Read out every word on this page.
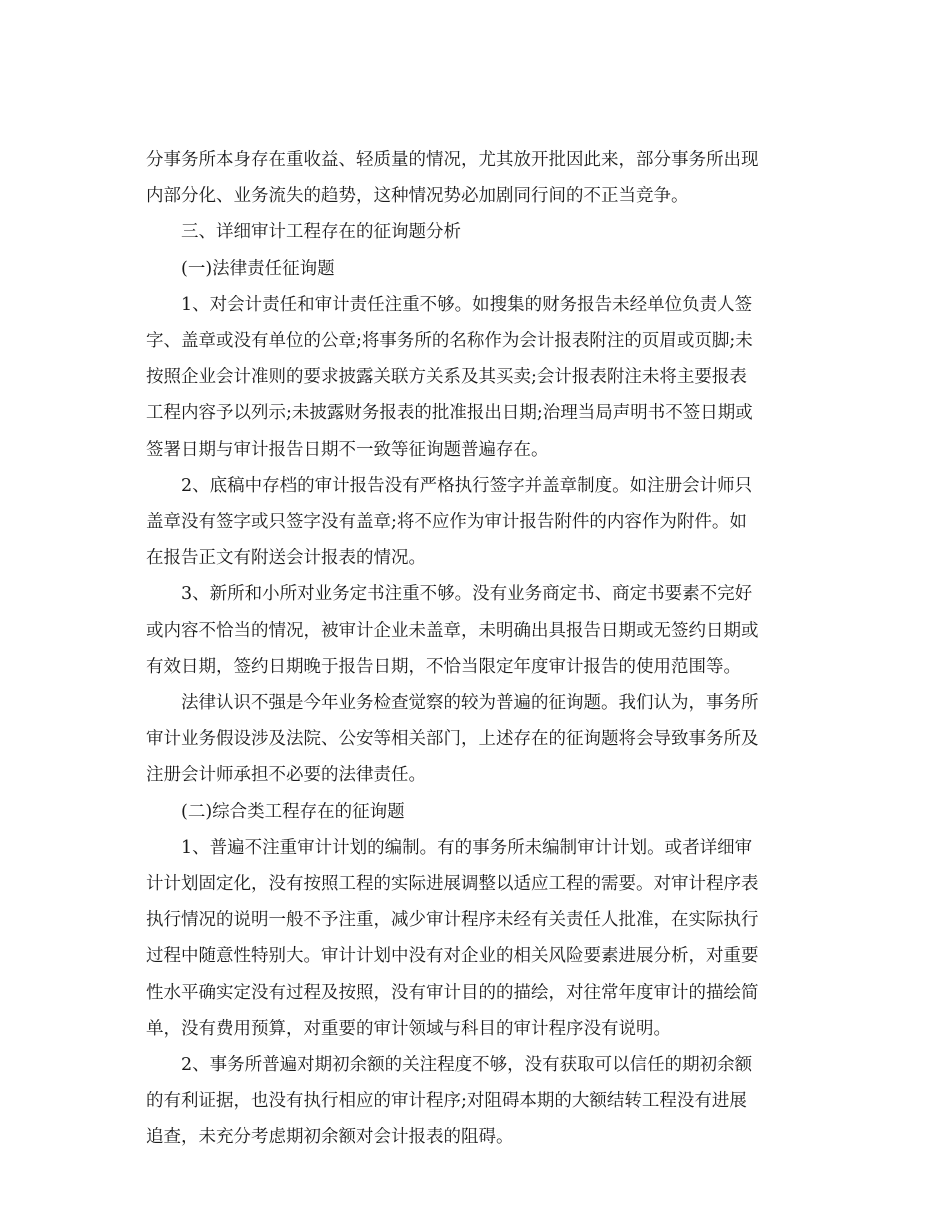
分事务所本身存在重收益、轻质量的情况，尤其放开批因此来，部分事务所出现
内部分化、业务流失的趋势，这种情况势必加剧同行间的不正当竞争。

三、详细审计工程存在的征询题分析

(一)法律责任征询题

1、对会计责任和审计责任注重不够。如搜集的财务报告未经单位负责人签
字、盖章或没有单位的公章;将事务所的名称作为会计报表附注的页眉或页脚;未
按照企业会计准则的要求披露关联方关系及其买卖;会计报表附注未将主要报表
工程内容予以列示;未披露财务报表的批准报出日期;治理当局声明书不签日期或
签署日期与审计报告日期不一致等征询题普遍存在。

2、底稿中存档的审计报告没有严格执行签字并盖章制度。如注册会计师只
盖章没有签字或只签字没有盖章;将不应作为审计报告附件的内容作为附件。如
在报告正文有附送会计报表的情况。

3、新所和小所对业务定书注重不够。没有业务商定书、商定书要素不完好
或内容不恰当的情况，被审计企业未盖章，未明确出具报告日期或无签约日期或
有效日期，签约日期晚于报告日期，不恰当限定年度审计报告的使用范围等。

法律认识不强是今年业务检查觉察的较为普遍的征询题。我们认为，事务所
审计业务假设涉及法院、公安等相关部门，上述存在的征询题将会导致事务所及
注册会计师承担不必要的法律责任。

(二)综合类工程存在的征询题

1、普遍不注重审计计划的编制。有的事务所未编制审计计划。或者详细审
计计划固定化，没有按照工程的实际进展调整以适应工程的需要。对审计程序表
执行情况的说明一般不予注重，减少审计程序未经有关责任人批准，在实际执行
过程中随意性特别大。审计计划中没有对企业的相关风险要素进展分析，对重要
性水平确实定没有过程及按照，没有审计目的的描绘，对往常年度审计的描绘简
单，没有费用预算，对重要的审计领域与科目的审计程序没有说明。

2、事务所普遍对期初余额的关注程度不够，没有获取可以信任的期初余额
的有利证据，也没有执行相应的审计程序;对阻碍本期的大额结转工程没有进展
追查，未充分考虑期初余额对会计报表的阻碍。
